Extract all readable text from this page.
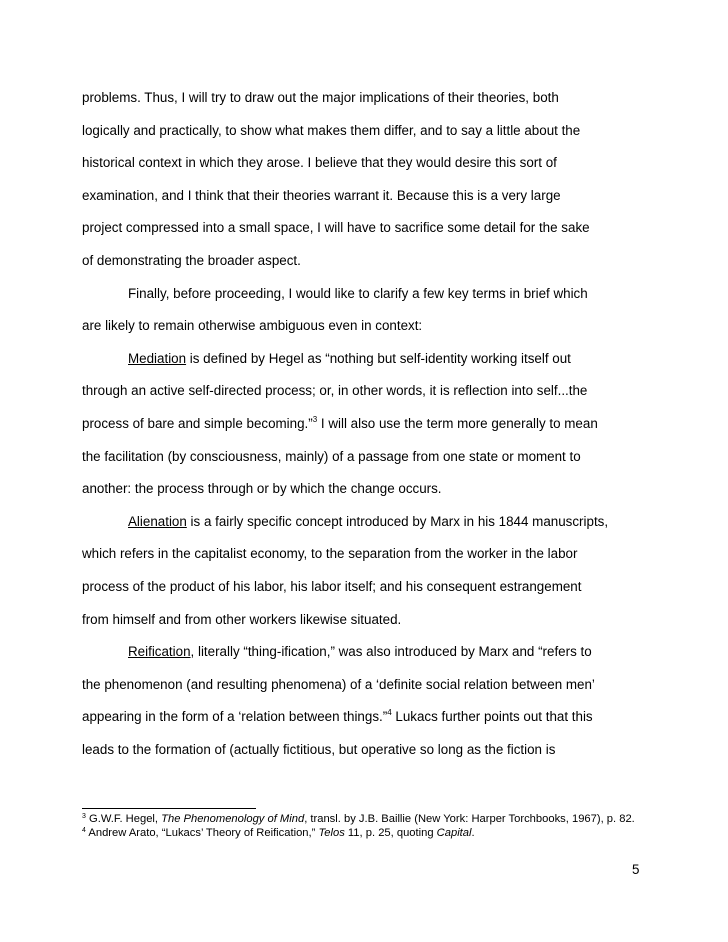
problems. Thus, I will try to draw out the major implications of their theories, both

logically and practically, to show what makes them differ, and to say a little about the

historical context in which they arose. I believe that they would desire this sort of

examination, and I think that their theories warrant it. Because this is a very large

project compressed into a small space, I will have to sacrifice some detail for the sake

of demonstrating the broader aspect.

Finally, before proceeding, I would like to clarify a few key terms in brief which

are likely to remain otherwise ambiguous even in context:

Mediation is defined by Hegel as “nothing but self-identity working itself out

through an active self-directed process; or, in other words, it is reflection into self...the

process of bare and simple becoming.”$^3$ I will also use the term more generally to mean

the facilitation (by consciousness, mainly) of a passage from one state or moment to

another: the process through or by which the change occurs.

Alienation is a fairly specific concept introduced by Marx in his 1844 manuscripts,

which refers in the capitalist economy, to the separation from the worker in the labor

process of the product of his labor, his labor itself; and his consequent estrangement

from himself and from other workers likewise situated.

Reification, literally “thing-ification,” was also introduced by Marx and “refers to

the phenomenon (and resulting phenomena) of a ‘definite social relation between men’

appearing in the form of a ‘relation between things.”$^4$ Lukacs further points out that this

leads to the formation of (actually fictitious, but operative so long as the fiction is

$^3$ G.W.F. Hegel, The Phenomenology of Mind, transl. by J.B. Baillie (New York: Harper Torchbooks, 1967), p. 82.

$^4$ Andrew Arato, “Lukacs’ Theory of Reification,” Telos 11, p. 25, quoting Capital.

5
